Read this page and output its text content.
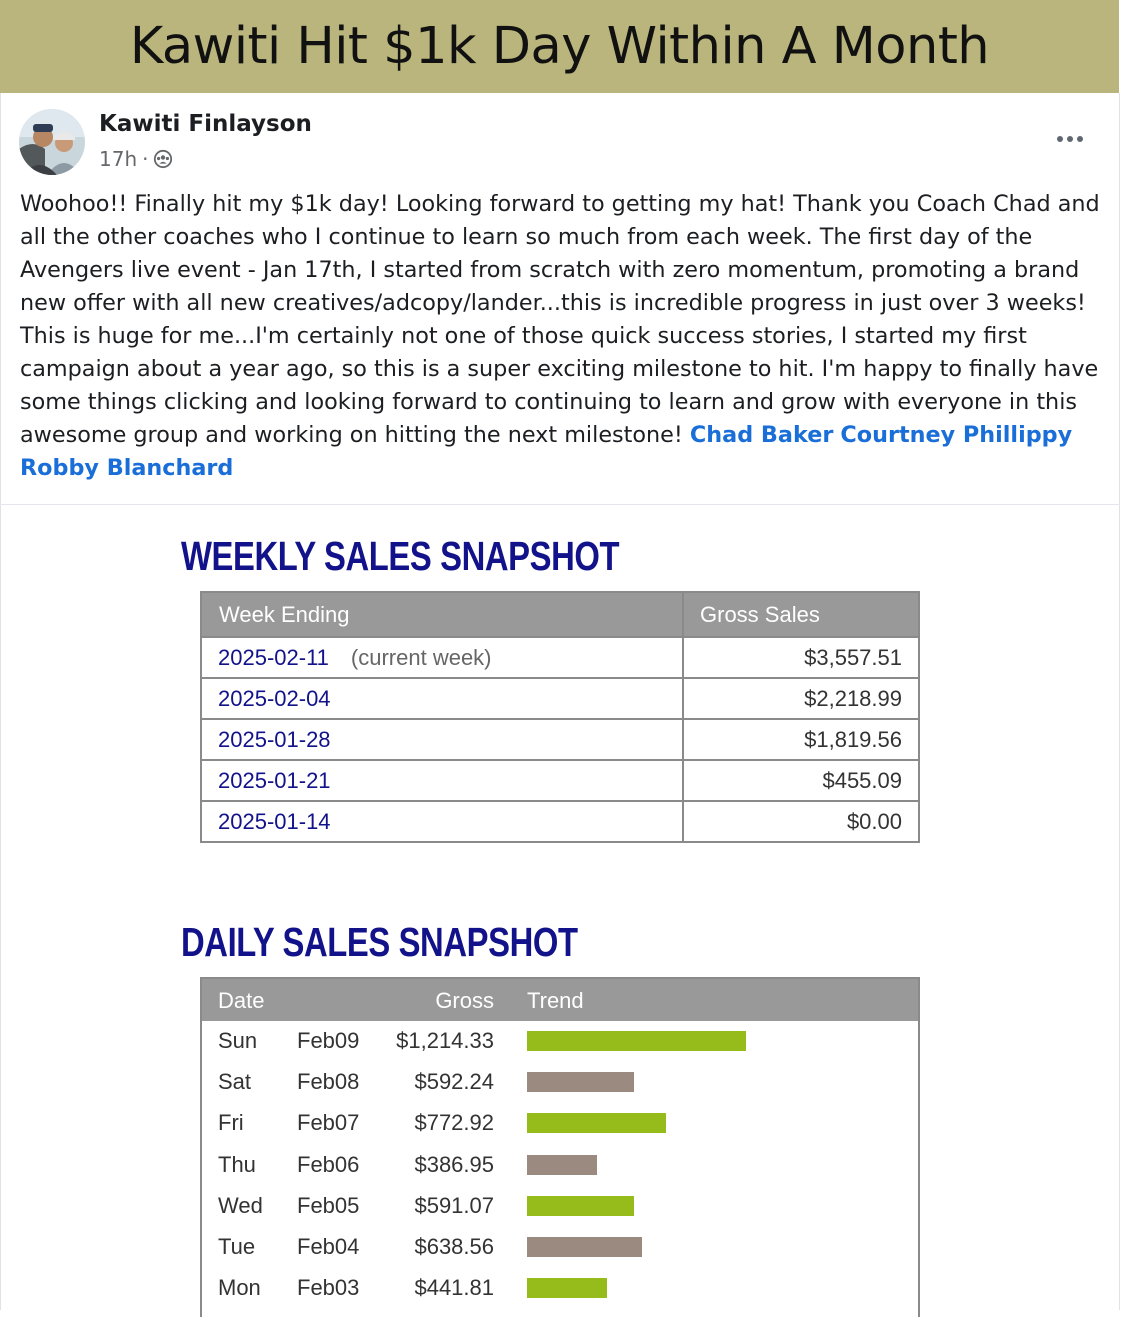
Kawiti Hit $1k Day Within A Month
Kawiti Finlayson
17h ·

Woohoo!! Finally hit my $1k day! Looking forward to getting my hat! Thank you Coach Chad and all the other coaches who I continue to learn so much from each week. The first day of the Avengers live event - Jan 17th, I started from scratch with zero momentum, promoting a brand new offer with all new creatives/adcopy/lander...this is incredible progress in just over 3 weeks! This is huge for me...I'm certainly not one of those quick success stories, I started my first campaign about a year ago, so this is a super exciting milestone to hit. I'm happy to finally have some things clicking and looking forward to continuing to learn and grow with everyone in this awesome group and working on hitting the next milestone! Chad Baker Courtney Phillippy Robby Blanchard

WEEKLY SALES SNAPSHOT
Week Ending	Gross Sales
2025-02-11 (current week)	$3,557.51
2025-02-04	$2,218.99
2025-01-28	$1,819.56
2025-01-21	$455.09
2025-01-14	$0.00
DAILY SALES SNAPSHOT
Date	Gross Trend
Sun Feb09 $1,214.33
Sat Feb08	$592.24
Fri Feb07	$772.92
Thu Feb06	$386.95
Wed Feb05	$591.07
Tue Feb04	$638.56
Mon Feb03	$441.81
